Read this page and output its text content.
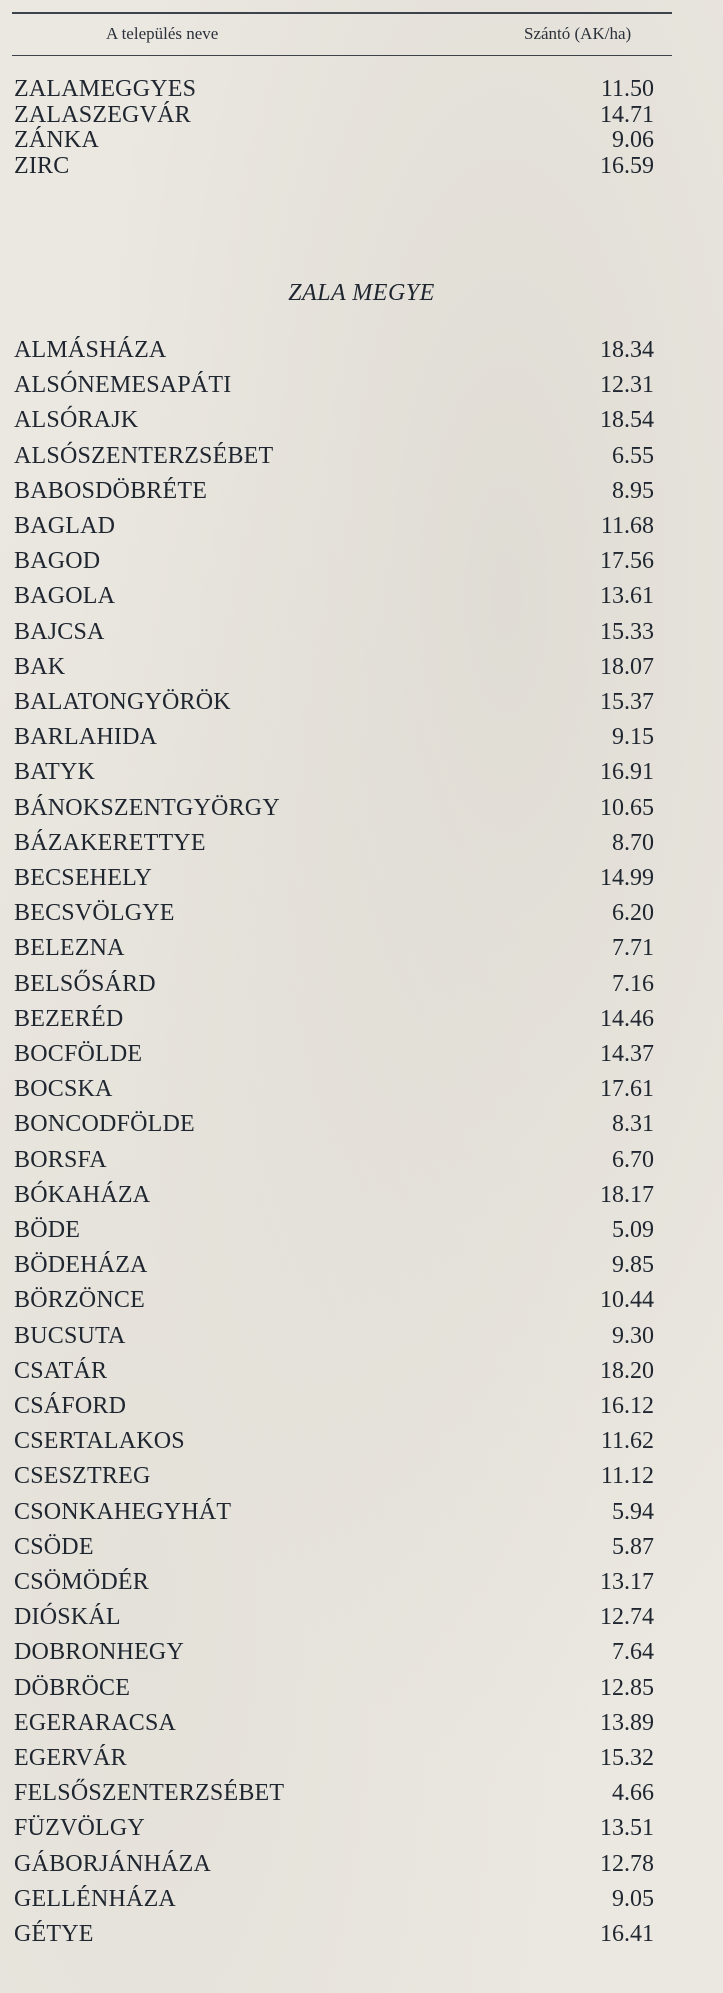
A település neve	Szántó (AK/ha)
ZALAMEGGYES	11.50
ZALASZEGVÁR	14.71
ZÁNKA	9.06
ZIRC	16.59
ZALA MEGYE
ALMÁSHÁZA	18.34
ALSÓNEMESAPÁTI	12.31
ALSÓRAJK	18.54
ALSÓSZENTERZSÉBET	6.55
BABOSDÖBRÉTE	8.95
BAGLAD	11.68
BAGOD	17.56
BAGOLA	13.61
BAJCSA	15.33
BAK	18.07
BALATONGYÖRÖK	15.37
BARLAHIDA	9.15
BATYK	16.91
BÁNOKSZENTGYÖRGY	10.65
BÁZAKERETTYE	8.70
BECSEHELY	14.99
BECSVÖLGYE	6.20
BELEZNA	7.71
BELSŐSÁRD	7.16
BEZERÉD	14.46
BOCFÖLDE	14.37
BOCSKA	17.61
BONCODFÖLDE	8.31
BORSFA	6.70
BÓKAHÁZA	18.17
BÖDE	5.09
BÖDEHÁZA	9.85
BÖRZÖNCE	10.44
BUCSUTA	9.30
CSATÁR	18.20
CSÁFORD	16.12
CSERTALAKOS	11.62
CSESZTREG	11.12
CSONKAHEGYHÁT	5.94
CSÖDE	5.87
CSÖMÖDÉR	13.17
DIÓSKÁL	12.74
DOBRONHEGY	7.64
DÖBRÖCE	12.85
EGERARACSA	13.89
EGERVÁR	15.32
FELSŐSZENTERZSÉBET	4.66
FÜZVÖLGY	13.51
GÁBORJÁNHÁZA	12.78
GELLÉNHÁZA	9.05
GÉTYE	16.41
